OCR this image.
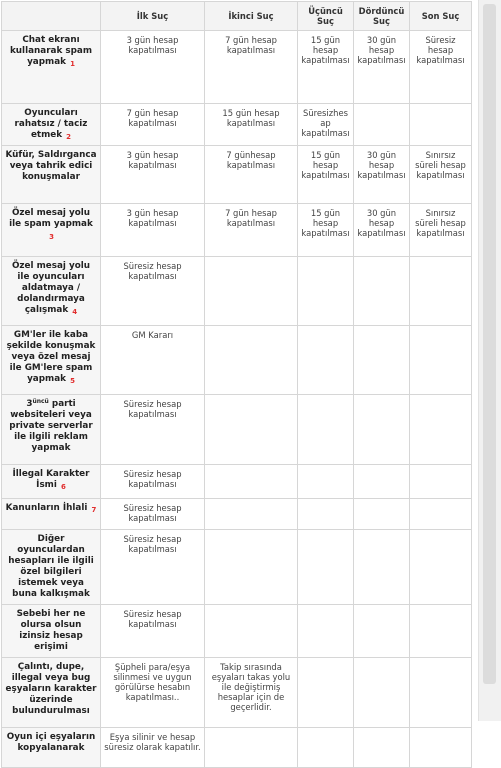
	İlk Suç	İkinci Suç	Üçüncü Suç	Dördüncü Suç	Son Suç
Chat ekranı kullanarak spam yapmak $_1$	3 gün hesap kapatılması	7 gün hesap kapatılması	15 gün hesap kapatılması	30 gün hesap kapatılması	Süresiz hesap kapatılması
Oyuncuları rahatsız / taciz etmek $_2$	7 gün hesap kapatılması	15 gün hesap kapatılması	Süresizhesap kapatılması		
Küfür, Saldırganca veya tahrik edici konuşmalar	3 gün hesap kapatılması	7 günhesap kapatılması	15 gün hesap kapatılması	30 gün hesap kapatılması	Sınırsız süreli hesap kapatılması
Özel mesaj yolu ile spam yapmak $_3$	3 gün hesap kapatılması	7 gün hesap kapatılması	15 gün hesap kapatılması	30 gün hesap kapatılması	Sınırsız süreli hesap kapatılması
Özel mesaj yolu ile oyuncuları aldatmaya / dolandırmaya çalışmak $_4$	Süresiz hesap kapatılması				
GM'ler ile kaba şekilde konuşmak veya özel mesaj ile GM'lere spam yapmak $_5$	GM Kararı				
$3^{üncü}$ parti websiteleri veya private serverlar ile ilgili reklam yapmak	Süresiz hesap kapatılması				
İllegal Karakter İsmi $_6$	Süresiz hesap kapatılması				
Kanunların İhlali $_7$	Süresiz hesap kapatılması				
Diğer oyunculardan hesapları ile ilgili özel bilgileri istemek veya buna kalkışmak	Süresiz hesap kapatılması				
Sebebi her ne olursa olsun izinsiz hesap erişimi	Süresiz hesap kapatılması				
Çalıntı, dupe, illegal veya bug eşyaların karakter üzerinde bulundurulması	Şüpheli para/eşya silinmesi ve uygun görülürse hesabın kapatılması..	Takip sırasında eşyaları takas yolu ile değiştirmiş hesaplar için de geçerlidir.			
Oyun içi eşyaların kopyalanarak	Eşya silinir ve hesap süresiz olarak kapatılır.				
